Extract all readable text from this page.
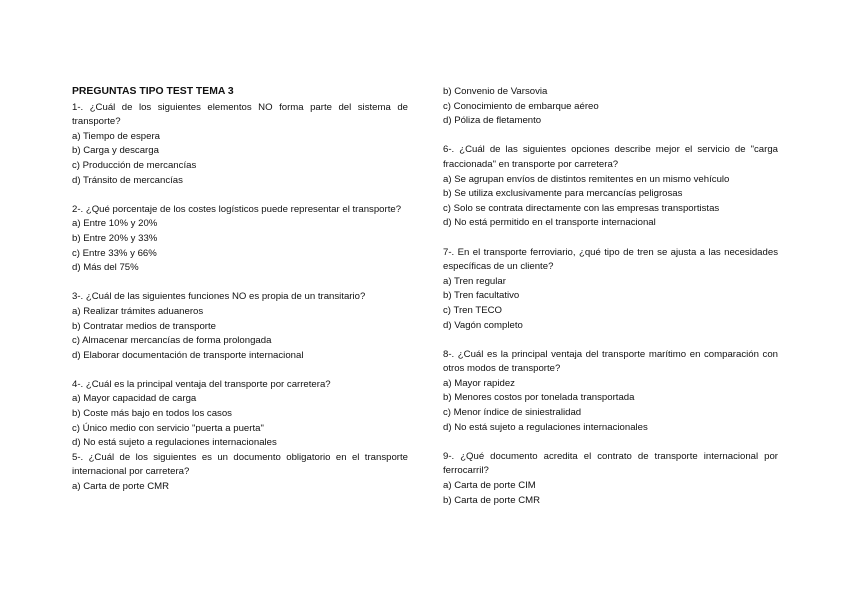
PREGUNTAS TIPO TEST TEMA 3
1-. ¿Cuál de los siguientes elementos NO forma parte del sistema de transporte?
a) Tiempo de espera
b) Carga y descarga
c) Producción de mercancías
d) Tránsito de mercancías
2-. ¿Qué porcentaje de los costes logísticos puede representar el transporte?
a) Entre 10% y 20%
b) Entre 20% y 33%
c) Entre 33% y 66%
d) Más del 75%
3-. ¿Cuál de las siguientes funciones NO es propia de un transitario?
a) Realizar trámites aduaneros
b) Contratar medios de transporte
c) Almacenar mercancías de forma prolongada
d) Elaborar documentación de transporte internacional
4-. ¿Cuál es la principal ventaja del transporte por carretera?
a) Mayor capacidad de carga
b) Coste más bajo en todos los casos
c) Único medio con servicio "puerta a puerta"
d) No está sujeto a regulaciones internacionales
5-. ¿Cuál de los siguientes es un documento obligatorio en el transporte internacional por carretera?
a) Carta de porte CMR
b) Convenio de Varsovia
c) Conocimiento de embarque aéreo
d) Póliza de fletamento
6-. ¿Cuál de las siguientes opciones describe mejor el servicio de "carga fraccionada" en transporte por carretera?
a) Se agrupan envíos de distintos remitentes en un mismo vehículo
b) Se utiliza exclusivamente para mercancías peligrosas
c) Solo se contrata directamente con las empresas transportistas
d) No está permitido en el transporte internacional
7-. En el transporte ferroviario, ¿qué tipo de tren se ajusta a las necesidades específicas de un cliente?
a) Tren regular
b) Tren facultativo
c) Tren TECO
d) Vagón completo
8-. ¿Cuál es la principal ventaja del transporte marítimo en comparación con otros modos de transporte?
a) Mayor rapidez
b) Menores costos por tonelada transportada
c) Menor índice de siniestralidad
d) No está sujeto a regulaciones internacionales
9-. ¿Qué documento acredita el contrato de transporte internacional por ferrocarril?
a) Carta de porte CIM
b) Carta de porte CMR
